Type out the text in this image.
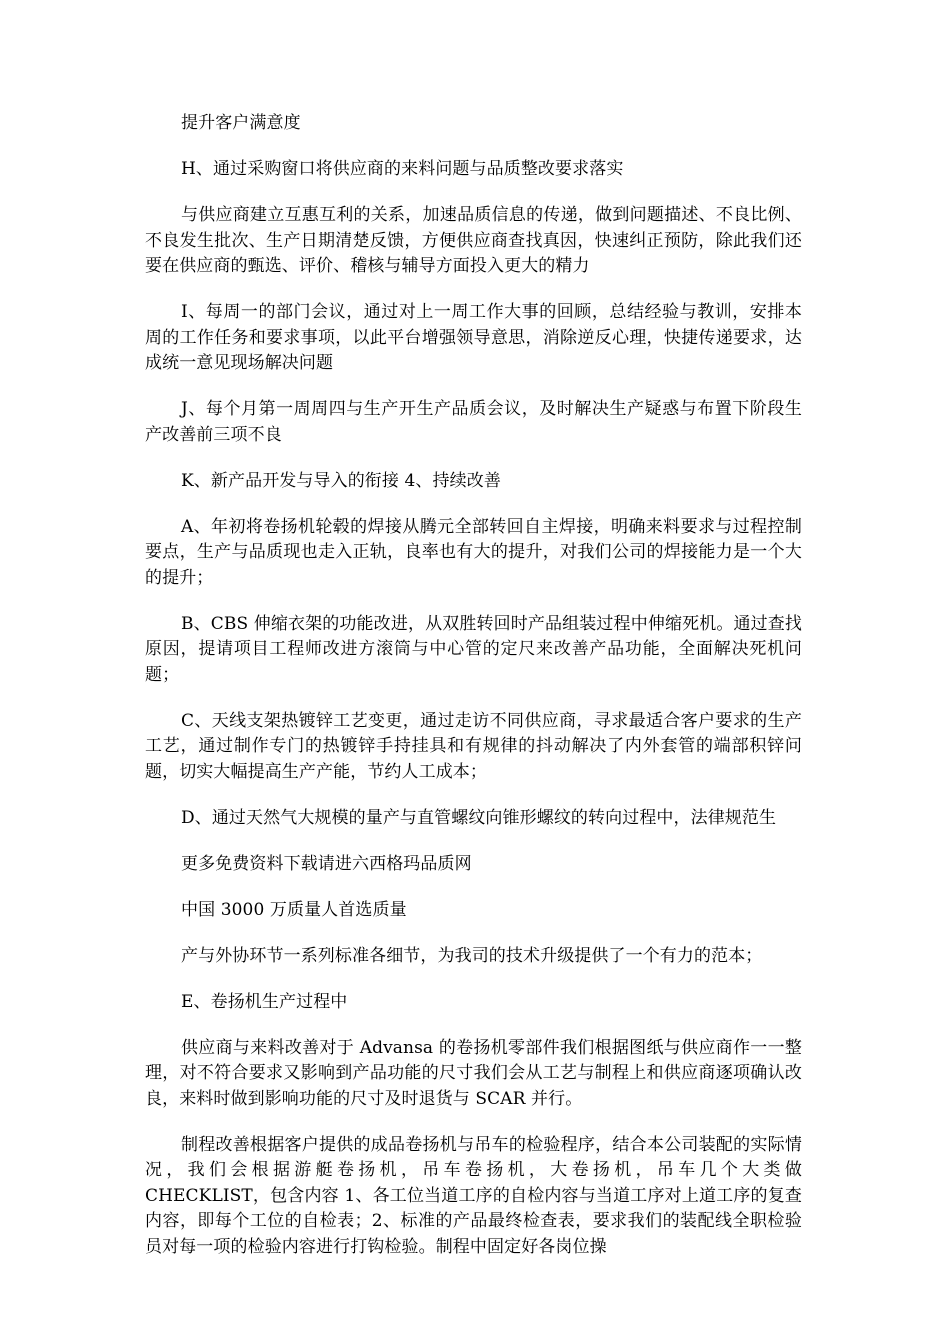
提升客户满意度

H、通过采购窗口将供应商的来料问题与品质整改要求落实

与供应商建立互惠互利的关系，加速品质信息的传递，做到问题描述、不良比例、不良发生批次、生产日期清楚反馈，方便供应商查找真因，快速纠正预防，除此我们还要在供应商的甄选、评价、稽核与辅导方面投入更大的精力

I、每周一的部门会议，通过对上一周工作大事的回顾，总结经验与教训，安排本周的工作任务和要求事项，以此平台增强领导意思，消除逆反心理，快捷传递要求，达成统一意见现场解决问题

J、每个月第一周周四与生产开生产品质会议，及时解决生产疑惑与布置下阶段生产改善前三项不良

K、新产品开发与导入的衔接 4、持续改善

A、年初将卷扬机轮毂的焊接从腾元全部转回自主焊接，明确来料要求与过程控制要点，生产与品质现也走入正轨，良率也有大的提升，对我们公司的焊接能力是一个大的提升；

B、CBS 伸缩衣架的功能改进，从双胜转回时产品组装过程中伸缩死机。通过查找原因，提请项目工程师改进方滚筒与中心管的定尺来改善产品功能，全面解决死机问题；

C、天线支架热镀锌工艺变更，通过走访不同供应商，寻求最适合客户要求的生产工艺，通过制作专门的热镀锌手持挂具和有规律的抖动解决了内外套管的端部积锌问题，切实大幅提高生产产能，节约人工成本；

D、通过天然气大规模的量产与直管螺纹向锥形螺纹的转向过程中，法律规范生

更多免费资料下载请进六西格玛品质网

中国 3000 万质量人首选质量

产与外协环节一系列标准各细节，为我司的技术升级提供了一个有力的范本；

E、卷扬机生产过程中

供应商与来料改善对于 Advansa 的卷扬机零部件我们根据图纸与供应商作一一整理，对不符合要求又影响到产品功能的尺寸我们会从工艺与制程上和供应商逐项确认改良，来料时做到影响功能的尺寸及时退货与 SCAR 并行。

制程改善根据客户提供的成品卷扬机与吊车的检验程序，结合本公司装配的实际情况，我们会根据游艇卷扬机，吊车卷扬机，大卷扬机，吊车几个大类做 CHECKLIST，包含内容 1、各工位当道工序的自检内容与当道工序对上道工序的复查内容，即每个工位的自检表；2、标准的产品最终检查表，要求我们的装配线全职检验员对每一项的检验内容进行打钩检验。制程中固定好各岗位操
